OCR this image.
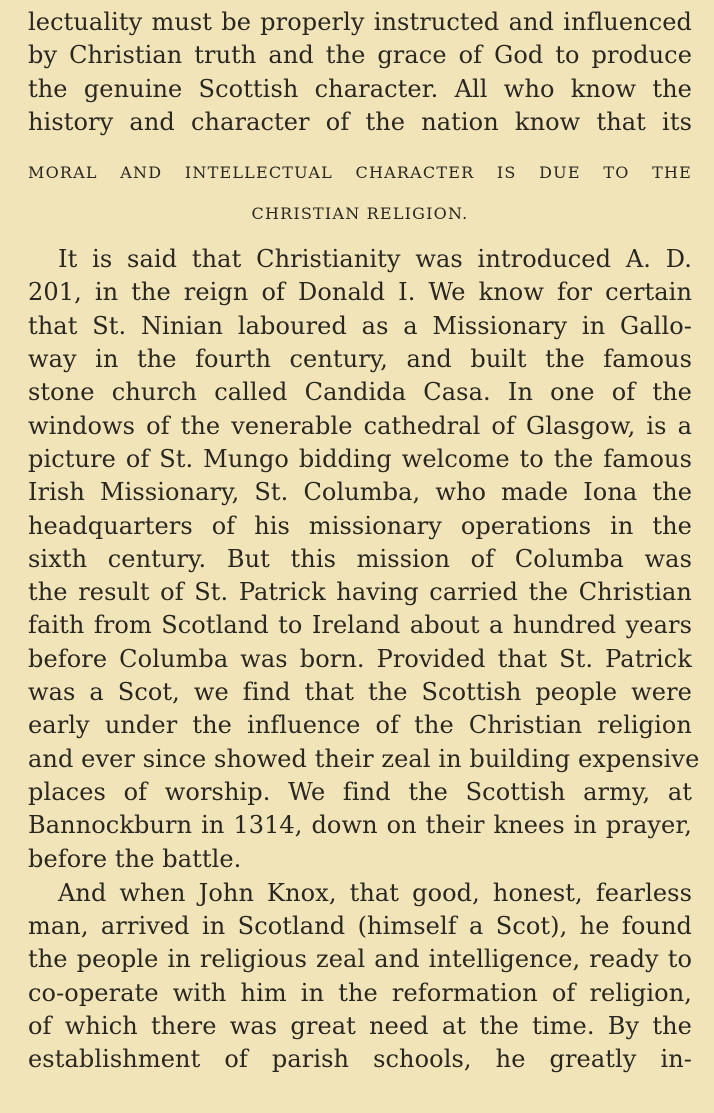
lectuality must be properly instructed and influenced
by Christian truth and the grace of God to produce
the genuine Scottish character. All who know the
history and character of the nation know that its
MORAL AND INTELLECTUAL CHARACTER IS DUE TO THE
CHRISTIAN RELIGION.
It is said that Christianity was introduced A. D.
201, in the reign of Donald I. We know for certain
that St. Ninian laboured as a Missionary in Gallo-
way in the fourth century, and built the famous
stone church called Candida Casa. In one of the
windows of the venerable cathedral of Glasgow, is a
picture of St. Mungo bidding welcome to the famous
Irish Missionary, St. Columba, who made Iona the
headquarters of his missionary operations in the
sixth century. But this mission of Columba was
the result of St. Patrick having carried the Christian
faith from Scotland to Ireland about a hundred years
before Columba was born. Provided that St. Patrick
was a Scot, we find that the Scottish people were
early under the influence of the Christian religion
and ever since showed their zeal in building expensive
places of worship. We find the Scottish army, at
Bannockburn in 1314, down on their knees in prayer,
before the battle.
And when John Knox, that good, honest, fearless
man, arrived in Scotland (himself a Scot), he found
the people in religious zeal and intelligence, ready to
co-operate with him in the reformation of religion,
of which there was great need at the time. By the
establishment of parish schools, he greatly in-
